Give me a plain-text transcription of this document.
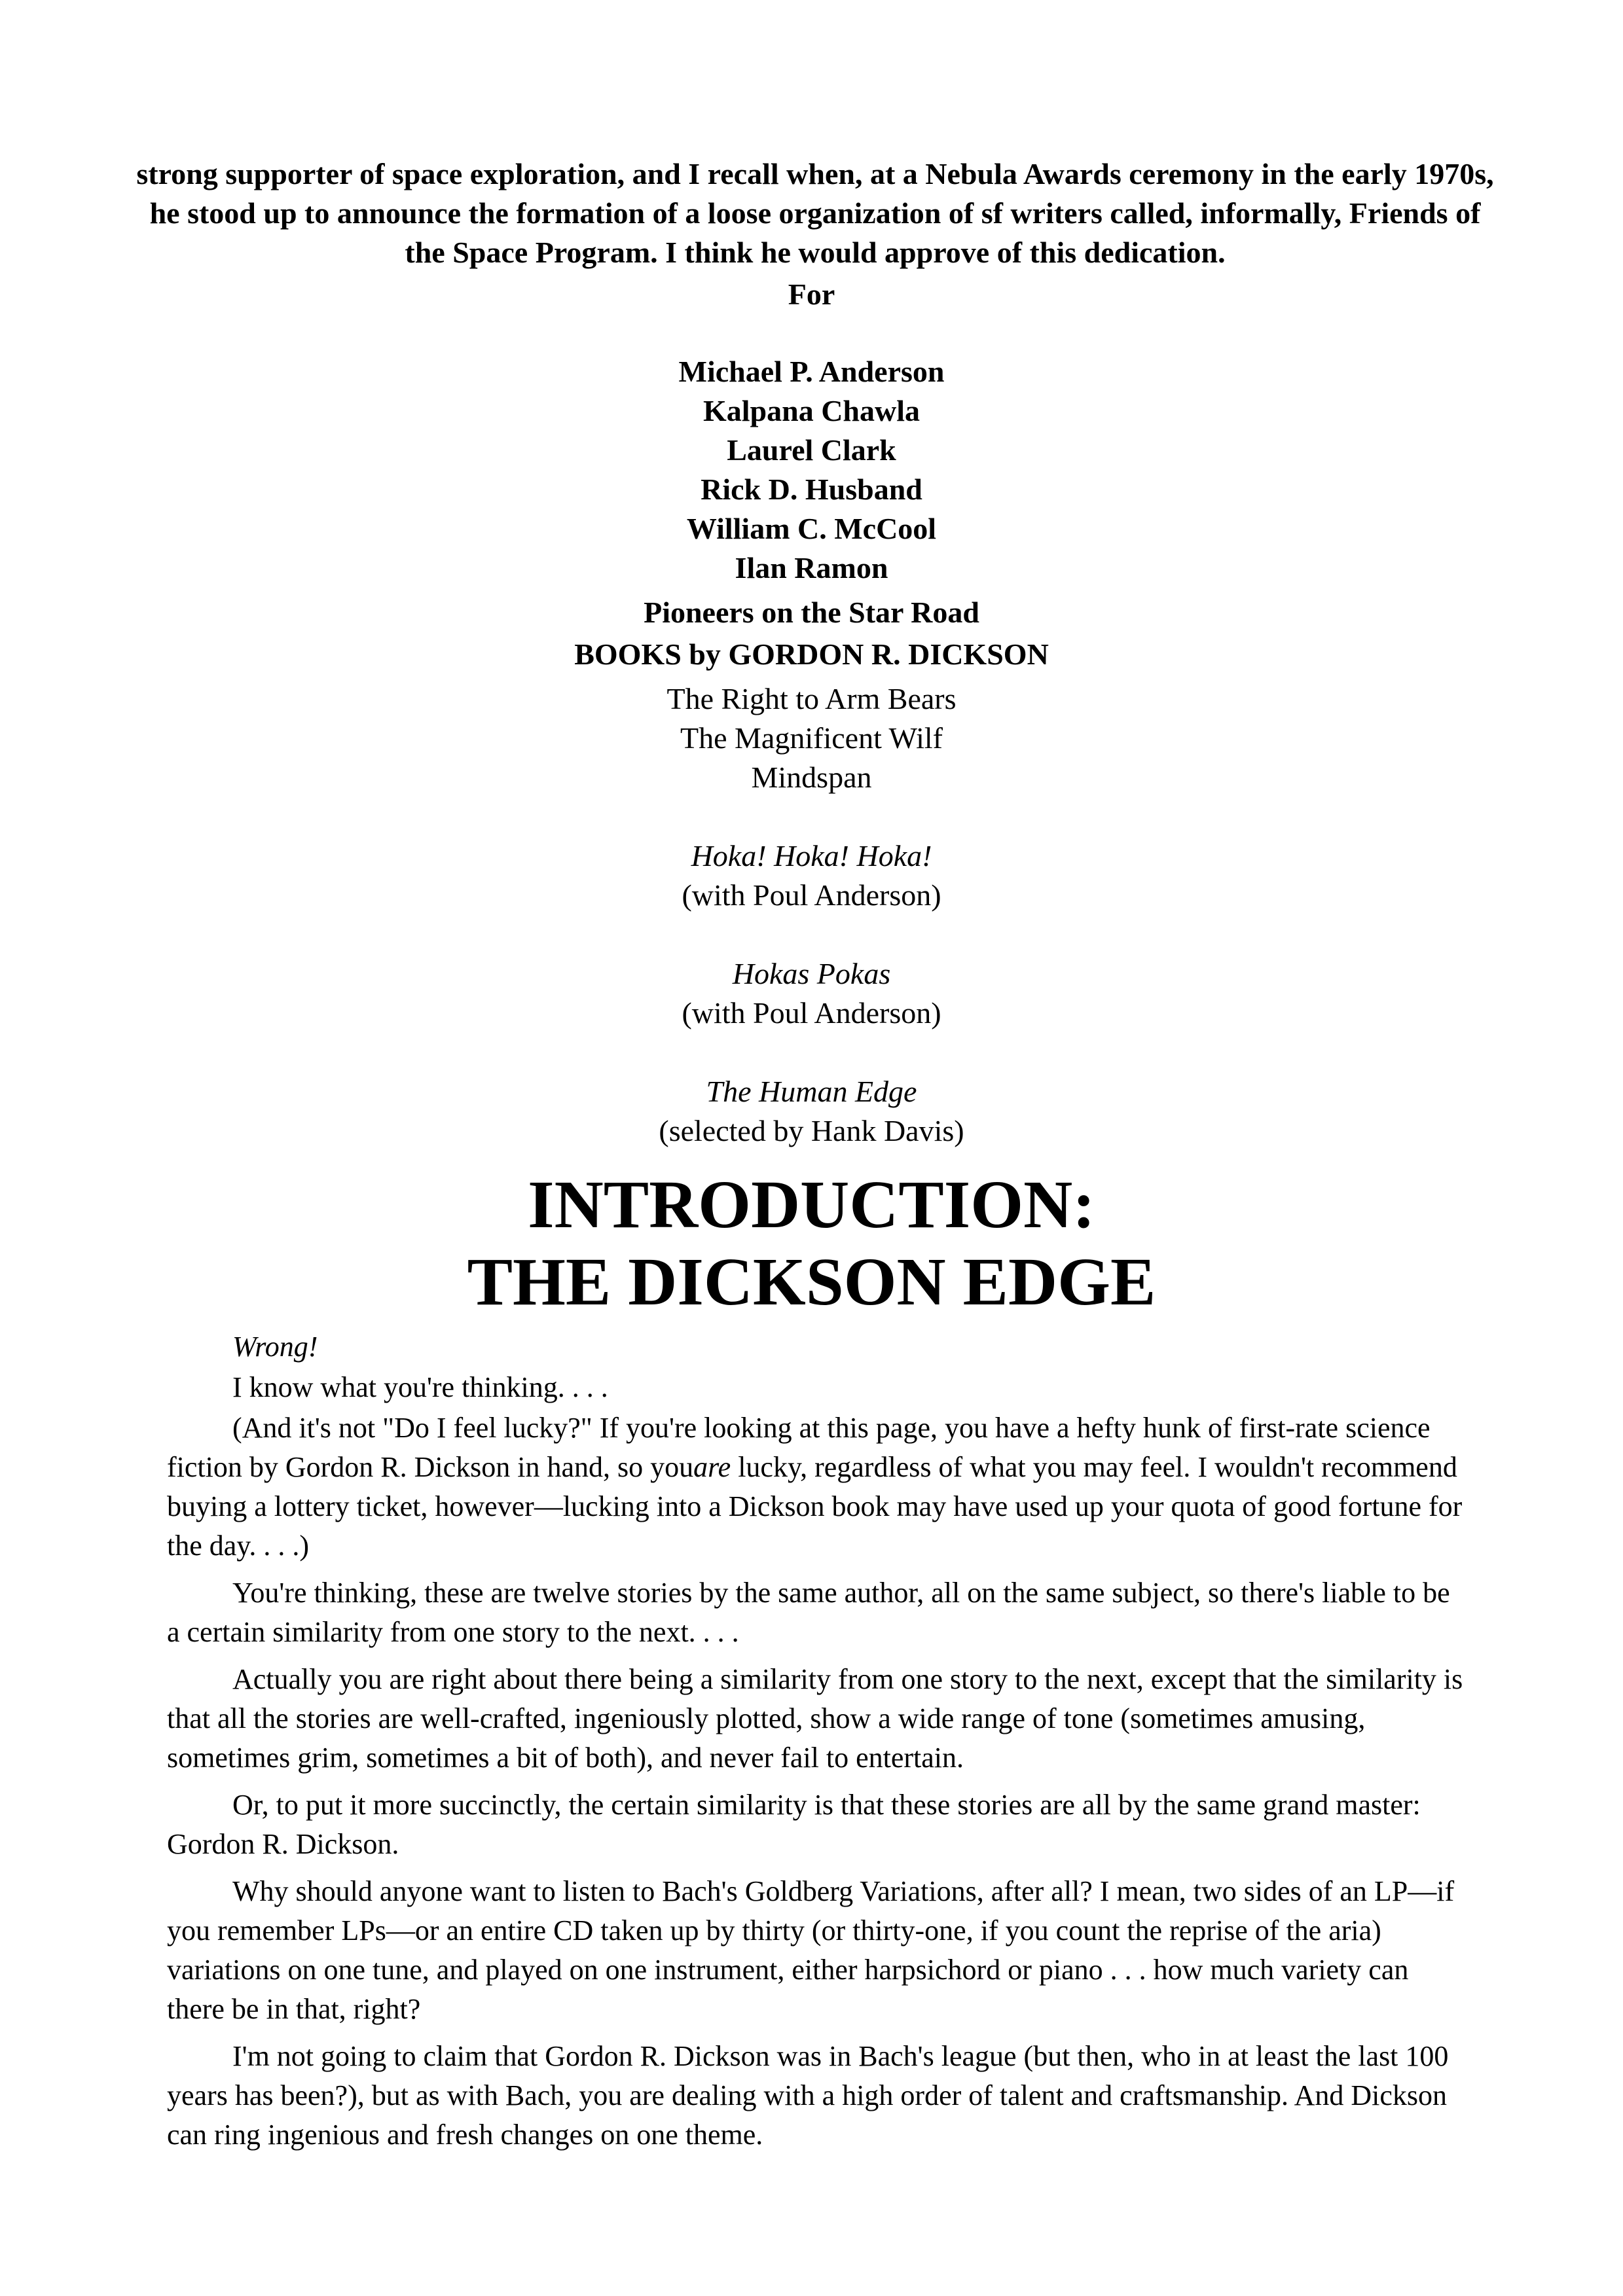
strong supporter of space exploration, and I recall when, at a Nebula Awards ceremony in the early 1970s, he stood up to announce the formation of a loose organization of sf writers called, informally, Friends of the Space Program. I think he would approve of this dedication.
For
Michael P. Anderson
Kalpana Chawla
Laurel Clark
Rick D. Husband
William C. McCool
Ilan Ramon
Pioneers on the Star Road
BOOKS by GORDON R. DICKSON
The Right to Arm Bears
The Magnificent Wilf
Mindspan
Hoka! Hoka! Hoka!
(with Poul Anderson)
Hokas Pokas
(with Poul Anderson)
The Human Edge
(selected by Hank Davis)
INTRODUCTION:
THE DICKSON EDGE

Wrong!

I know what you're thinking. . . .

(And it's not "Do I feel lucky?" If you're looking at this page, you have a hefty hunk of first-rate science fiction by Gordon R. Dickson in hand, so youare lucky, regardless of what you may feel. I wouldn't recommend buying a lottery ticket, however—lucking into a Dickson book may have used up your quota of good fortune for the day. . . .)

You're thinking, these are twelve stories by the same author, all on the same subject, so there's liable to be a certain similarity from one story to the next. . . .

Actually you are right about there being a similarity from one story to the next, except that the similarity is that all the stories are well-crafted, ingeniously plotted, show a wide range of tone (sometimes amusing, sometimes grim, sometimes a bit of both), and never fail to entertain.

Or, to put it more succinctly, the certain similarity is that these stories are all by the same grand master: Gordon R. Dickson.

Why should anyone want to listen to Bach's Goldberg Variations, after all? I mean, two sides of an LP—if you remember LPs—or an entire CD taken up by thirty (or thirty-one, if you count the reprise of the aria) variations on one tune, and played on one instrument, either harpsichord or piano . . . how much variety can there be in that, right?

I'm not going to claim that Gordon R. Dickson was in Bach's league (but then, who in at least the last 100 years has been?), but as with Bach, you are dealing with a high order of talent and craftsmanship. And Dickson can ring ingenious and fresh changes on one theme.
